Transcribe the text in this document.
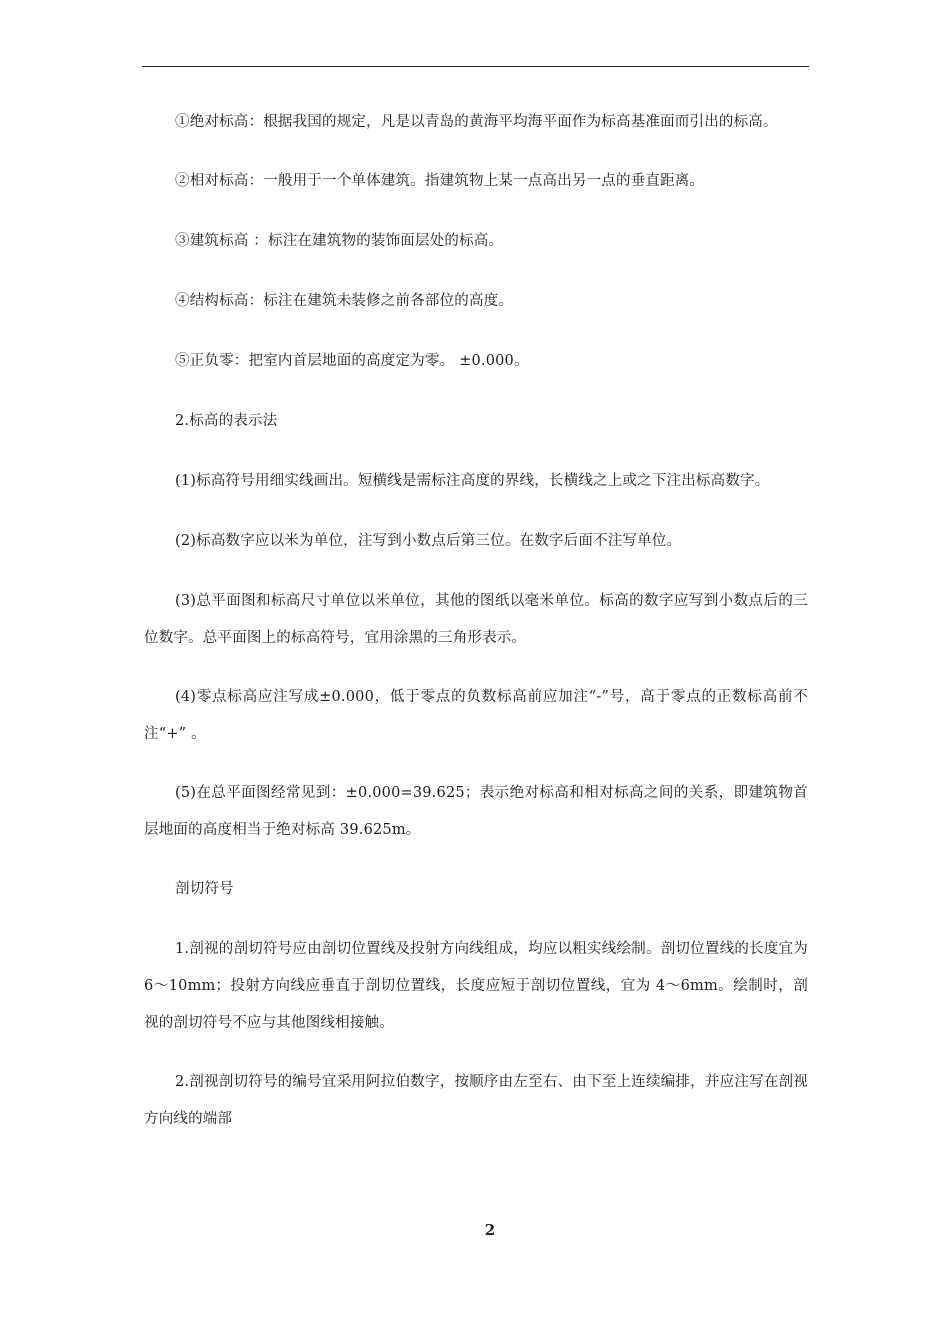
①绝对标高：根据我国的规定，凡是以青岛的黄海平均海平面作为标高基准面而引出的标高。

②相对标高：一般用于一个单体建筑。指建筑物上某一点高出另一点的垂直距离。

③建筑标高 ：标注在建筑物的装饰面层处的标高。

④结构标高：标注在建筑未装修之前各部位的高度。

⑤正负零：把室内首层地面的高度定为零。 ±0.000。

2.标高的表示法

(1)标高符号用细实线画出。短横线是需标注高度的界线，长横线之上或之下注出标高数字。

(2)标高数字应以米为单位，注写到小数点后第三位。在数字后面不注写单位。

(3)总平面图和标高尺寸单位以米单位，其他的图纸以毫米单位。标高的数字应写到小数点后的三位数字。总平面图上的标高符号，宜用涂黑的三角形表示。

(4)零点标高应注写成±0.000，低于零点的负数标高前应加注“-”号，高于零点的正数标高前不注“+” 。

(5)在总平面图经常见到：±0.000=39.625；表示绝对标高和相对标高之间的关系，即建筑物首层地面的高度相当于绝对标高 39.625m。

剖切符号

1.剖视的剖切符号应由剖切位置线及投射方向线组成，均应以粗实线绘制。剖切位置线的长度宜为 6～10mm；投射方向线应垂直于剖切位置线，长度应短于剖切位置线，宜为 4～6mm。绘制时，剖视的剖切符号不应与其他图线相接触。

2.剖视剖切符号的编号宜采用阿拉伯数字，按顺序由左至右、由下至上连续编排，并应注写在剖视方向线的端部

2
